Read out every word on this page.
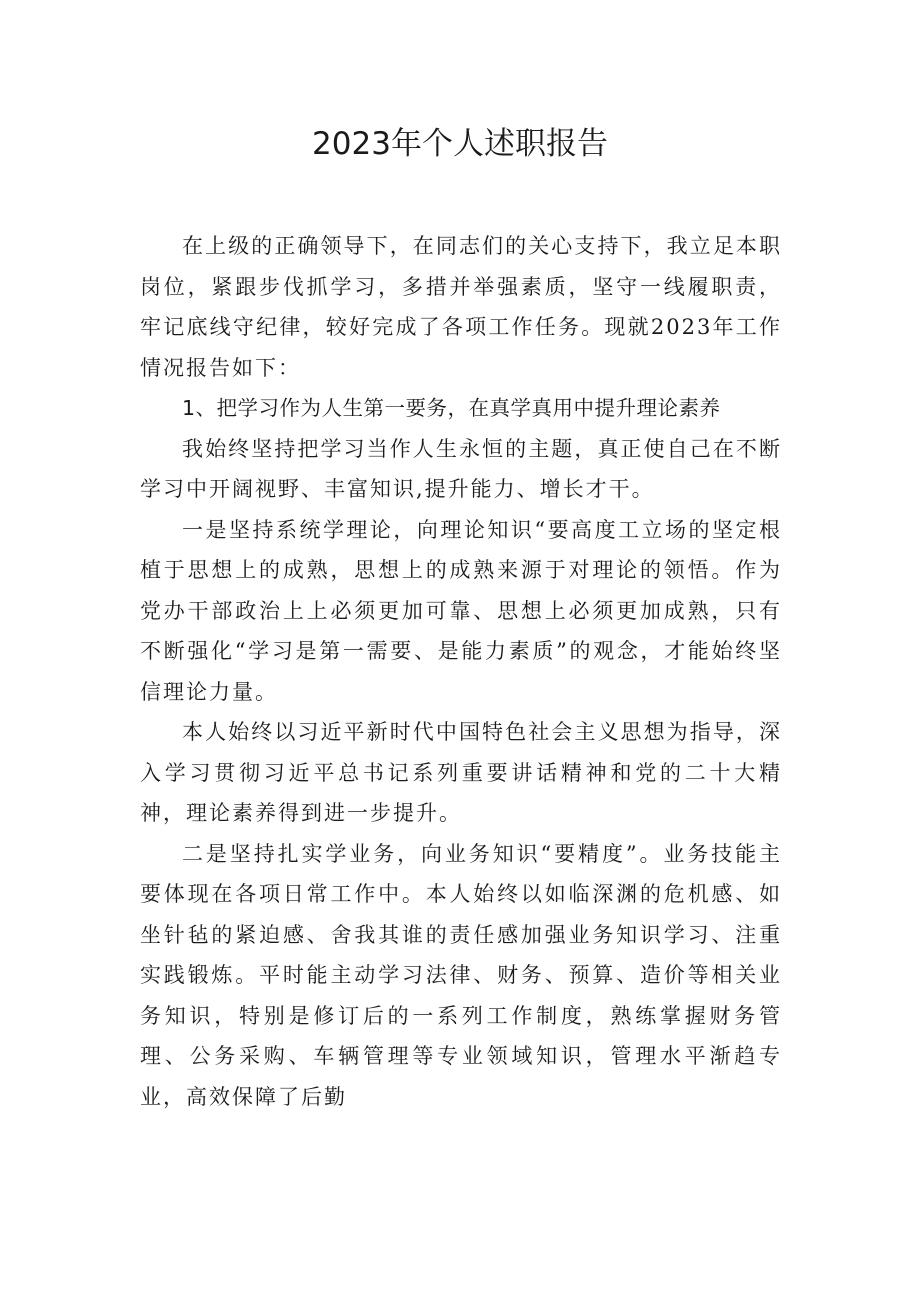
2023年个人述职报告

在上级的正确领导下，在同志们的关心支持下，我立足本职岗位，紧跟步伐抓学习，多措并举强素质，坚守一线履职责，牢记底线守纪律，较好完成了各项工作任务。现就2023年工作情况报告如下：

1、把学习作为人生第一要务，在真学真用中提升理论素养

我始终坚持把学习当作人生永恒的主题，真正使自己在不断学习中开阔视野、丰富知识,提升能力、增长才干。

一是坚持系统学理论，向理论知识“要高度工立场的坚定根植于思想上的成熟，思想上的成熟来源于对理论的领悟。作为党办干部政治上上必须更加可靠、思想上必须更加成熟，只有不断强化“学习是第一需要、是能力素质”的观念，才能始终坚信理论力量。

本人始终以习近平新时代中国特色社会主义思想为指导，深入学习贯彻习近平总书记系列重要讲话精神和党的二十大精神，理论素养得到进一步提升。

二是坚持扎实学业务，向业务知识“要精度”。业务技能主要体现在各项日常工作中。本人始终以如临深渊的危机感、如坐针毡的紧迫感、舍我其谁的责任感加强业务知识学习、注重实践锻炼。平时能主动学习法律、财务、预算、造价等相关业务知识，特别是修订后的一系列工作制度，熟练掌握财务管理、公务采购、车辆管理等专业领域知识，管理水平渐趋专业，高效保障了后勤
